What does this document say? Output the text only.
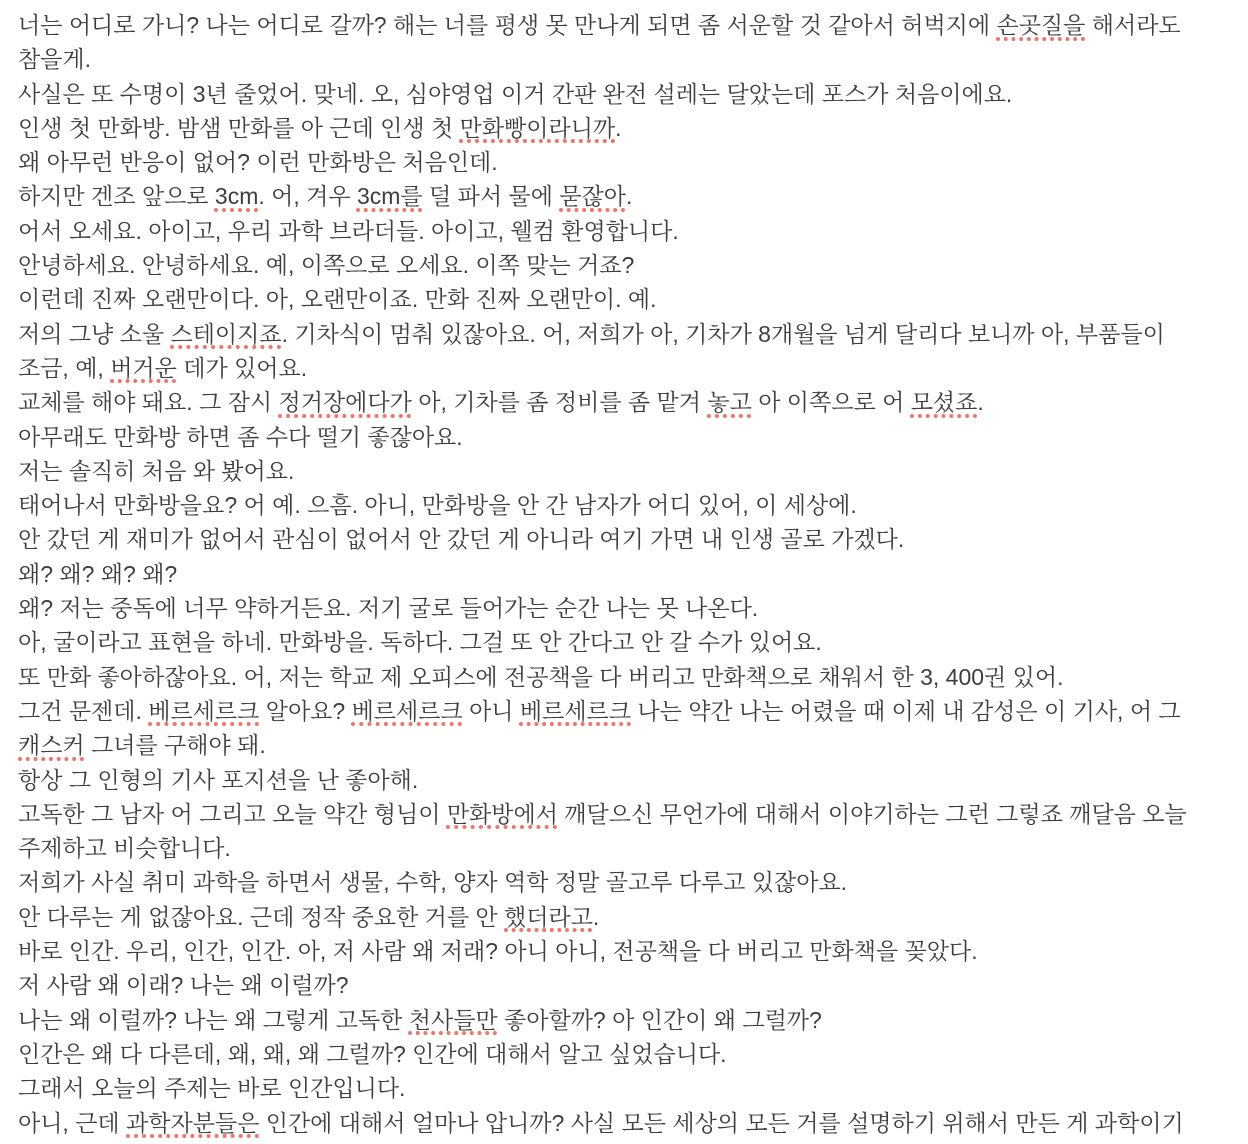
너는 어디로 가니? 나는 어디로 갈까? 해는 너를 평생 못 만나게 되면 좀 서운할 것 같아서 허벅지에 손곳질을 해서라도
참을게.
사실은 또 수명이 3년 줄었어. 맞네. 오, 심야영업 이거 간판 완전 설레는 달았는데 포스가 처음이에요.
인생 첫 만화방. 밤샘 만화를 아 근데 인생 첫 만화빵이라니까.
왜 아무런 반응이 없어? 이런 만화방은 처음인데.
하지만 겐조 앞으로 3cm. 어, 겨우 3cm를 덜 파서 물에 묻잖아.
어서 오세요. 아이고, 우리 과학 브라더들. 아이고, 웰컴 환영합니다.
안녕하세요. 안녕하세요. 예, 이쪽으로 오세요. 이쪽 맞는 거죠?
이런데 진짜 오랜만이다. 아, 오랜만이죠. 만화 진짜 오랜만이. 예.
저의 그냥 소울 스테이지죠. 기차식이 멈춰 있잖아요. 어, 저희가 아, 기차가 8개월을 넘게 달리다 보니까 아, 부품들이
조금, 예, 버거운 데가 있어요.
교체를 해야 돼요. 그 잠시 정거장에다가 아, 기차를 좀 정비를 좀 맡겨 놓고 아 이쪽으로 어 모셨죠.
아무래도 만화방 하면 좀 수다 떨기 좋잖아요.
저는 솔직히 처음 와 봤어요.
태어나서 만화방을요? 어 예. 으흠. 아니, 만화방을 안 간 남자가 어디 있어, 이 세상에.
안 갔던 게 재미가 없어서 관심이 없어서 안 갔던 게 아니라 여기 가면 내 인생 골로 가겠다.
왜? 왜? 왜? 왜?
왜? 저는 중독에 너무 약하거든요. 저기 굴로 들어가는 순간 나는 못 나온다.
아, 굴이라고 표현을 하네. 만화방을. 독하다. 그걸 또 안 간다고 안 갈 수가 있어요.
또 만화 좋아하잖아요. 어, 저는 학교 제 오피스에 전공책을 다 버리고 만화책으로 채워서 한 3, 400권 있어.
그건 문젠데. 베르세르크 알아요? 베르세르크 아니 베르세르크 나는 약간 나는 어렸을 때 이제 내 감성은 이 기사, 어 그
캐스커 그녀를 구해야 돼.
항상 그 인형의 기사 포지션을 난 좋아해.
고독한 그 남자 어 그리고 오늘 약간 형님이 만화방에서 깨달으신 무언가에 대해서 이야기하는 그런 그렇죠 깨달음 오늘
주제하고 비슷합니다.
저희가 사실 취미 과학을 하면서 생물, 수학, 양자 역학 정말 골고루 다루고 있잖아요.
안 다루는 게 없잖아요. 근데 정작 중요한 거를 안 했더라고.
바로 인간. 우리, 인간, 인간. 아, 저 사람 왜 저래? 아니 아니, 전공책을 다 버리고 만화책을 꽂았다.
저 사람 왜 이래? 나는 왜 이럴까?
나는 왜 이럴까? 나는 왜 그렇게 고독한 천사들만 좋아할까? 아 인간이 왜 그럴까?
인간은 왜 다 다른데, 왜, 왜, 왜 그럴까? 인간에 대해서 알고 싶었습니다.
그래서 오늘의 주제는 바로 인간입니다.
아니, 근데 과학자분들은 인간에 대해서 얼마나 압니까? 사실 모든 세상의 모든 거를 설명하기 위해서 만든 게 과학이기
